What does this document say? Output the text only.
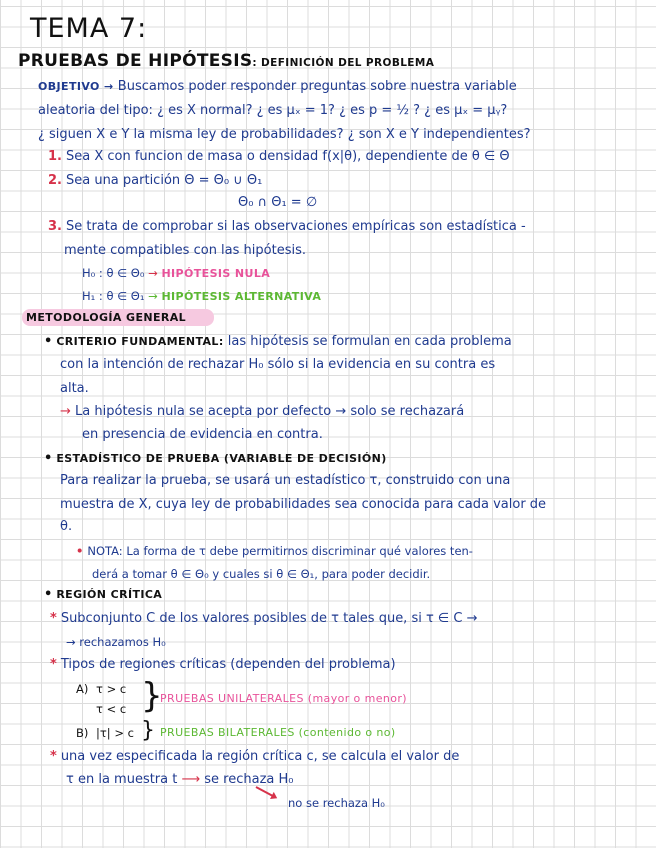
TEMA 7:
PRUEBAS DE HIPÓTESIS: DEFINICIÓN DEL PROBLEMA
OBJETIVO → Buscamos poder responder preguntas sobre nuestra variable
aleatoria del tipo: ¿ es X normal? ¿ es μₓ = 1? ¿ es p = ½ ? ¿ es μₓ = μᵧ?
¿ siguen X e Y la misma ley de probabilidades? ¿ son X e Y independientes?
1. Sea X con funcion de masa o densidad f(x|θ), dependiente de θ ∈ Θ
2. Sea una partición Θ = Θ₀ ∪ Θ₁
Θ₀ ∩ Θ₁ = ∅
3. Se trata de comprobar si las observaciones empíricas son estadística -
mente compatibles con las hipótesis.
H₀ : θ ∈ Θ₀ → HIPÓTESIS NULA
H₁ : θ ∈ Θ₁ → HIPÓTESIS ALTERNATIVA
METODOLOGÍA GENERAL
• CRITERIO FUNDAMENTAL: las hipótesis se formulan en cada problema
con la intención de rechazar H₀ sólo si la evidencia en su contra es
alta.
→ La hipótesis nula se acepta por defecto → solo se rechazará
en presencia de evidencia en contra.
• ESTADÍSTICO DE PRUEBA (VARIABLE DE DECISIÓN)
Para realizar la prueba, se usará un estadístico τ, construido con una
muestra de X, cuya ley de probabilidades sea conocida para cada valor de
θ.
• NOTA: La forma de τ debe permitirnos discriminar qué valores ten-
derá a tomar θ ∈ Θ₀ y cuales si θ ∈ Θ₁, para poder decidir.
• REGIÓN CRÍTICA
* Subconjunto C de los valores posibles de τ tales que, si τ ∈ C →
→ rechazamos H₀
* Tipos de regiones críticas (dependen del problema)
A) τ > c
τ < c }
PRUEBAS UNILATERALES (mayor o menor)
B) |τ| > c } PRUEBAS BILATERALES (contenido o no)
* una vez especificada la región crítica c, se calcula el valor de
τ en la muestra t ⟶ se rechaza H₀
no se rechaza H₀
